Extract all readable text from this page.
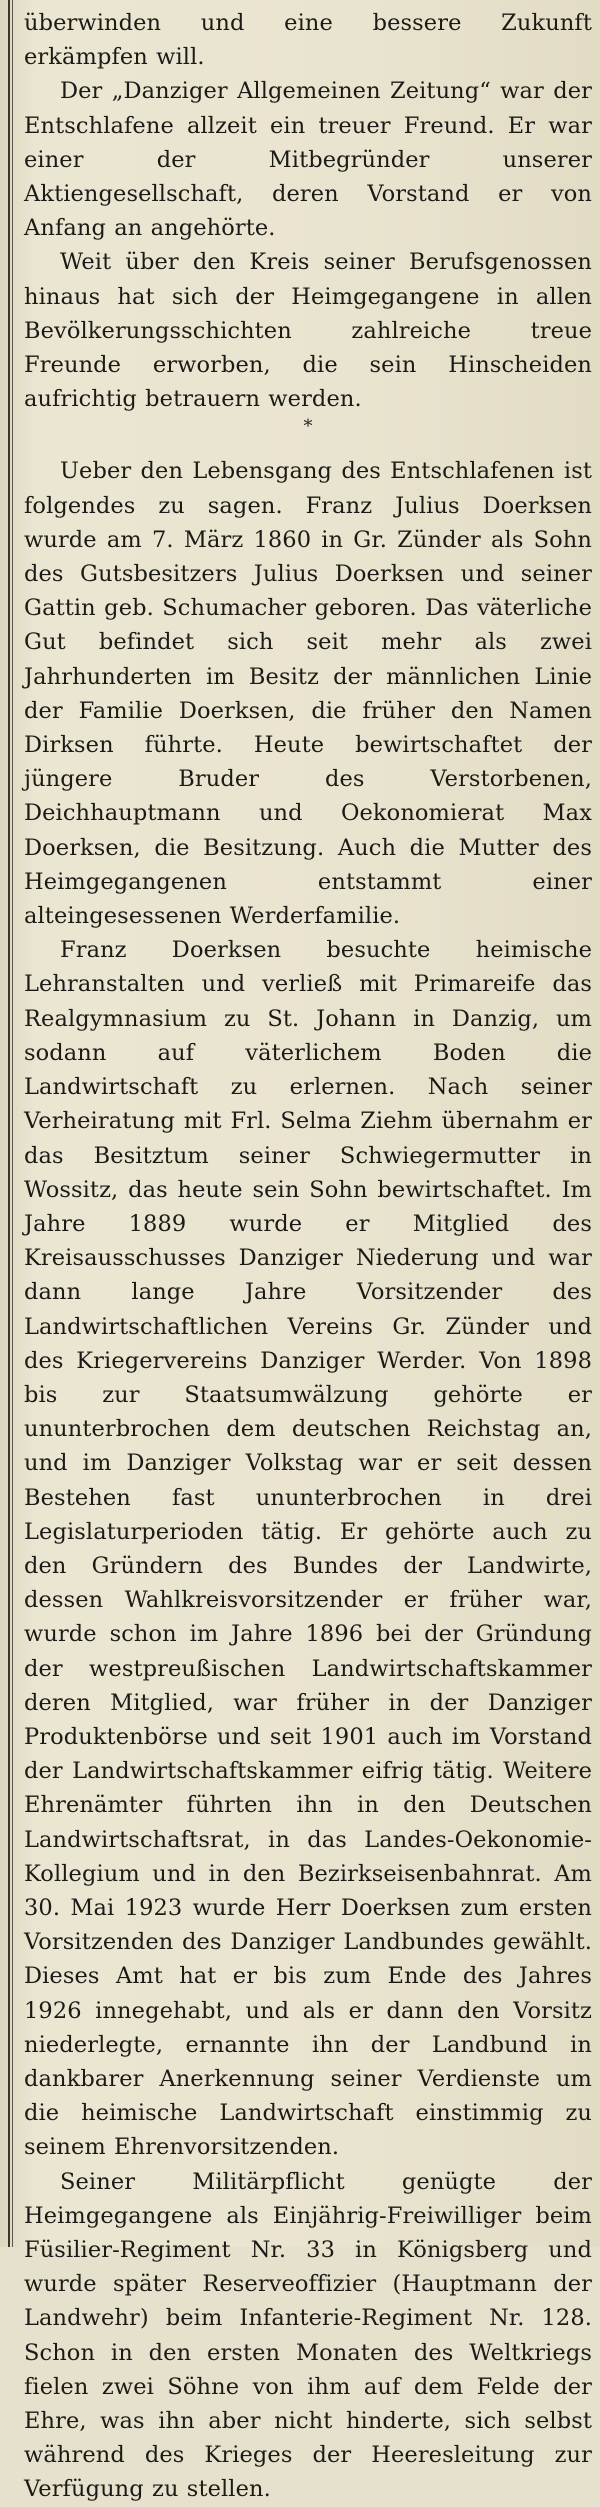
überwinden und eine bessere Zukunft erkämpfen will.

Der „Danziger Allgemeinen Zeitung“ war der Entschlafene allzeit ein treuer Freund. Er war einer der Mitbegründer unserer Aktiengesellschaft, deren Vorstand er von Anfang an angehörte.

Weit über den Kreis seiner Berufsgenossen hinaus hat sich der Heimgegangene in allen Bevölkerungsschichten zahlreiche treue Freunde erworben, die sein Hinscheiden aufrichtig betrauern werden.

*

Ueber den Lebensgang des Entschlafenen ist folgendes zu sagen. Franz Julius Doerksen wurde am 7. März 1860 in Gr. Zünder als Sohn des Gutsbesitzers Julius Doerksen und seiner Gattin geb. Schumacher geboren. Das väterliche Gut befindet sich seit mehr als zwei Jahrhunderten im Besitz der männlichen Linie der Familie Doerksen, die früher den Namen Dirksen führte. Heute bewirtschaftet der jüngere Bruder des Verstorbenen, Deichhauptmann und Oekonomierat Max Doerksen, die Besitzung. Auch die Mutter des Heimgegangenen entstammt einer alteingesessenen Werderfamilie.

Franz Doerksen besuchte heimische Lehranstalten und verließ mit Primareife das Realgymnasium zu St. Johann in Danzig, um sodann auf väterlichem Boden die Landwirtschaft zu erlernen. Nach seiner Verheiratung mit Frl. Selma Ziehm übernahm er das Besitztum seiner Schwiegermutter in Wossitz, das heute sein Sohn bewirtschaftet. Im Jahre 1889 wurde er Mitglied des Kreisausschusses Danziger Niederung und war dann lange Jahre Vorsitzender des Landwirtschaftlichen Vereins Gr. Zünder und des Kriegervereins Danziger Werder. Von 1898 bis zur Staatsumwälzung gehörte er ununterbrochen dem deutschen Reichstag an, und im Danziger Volkstag war er seit dessen Bestehen fast ununterbrochen in drei Legislaturperioden tätig. Er gehörte auch zu den Gründern des Bundes der Landwirte, dessen Wahlkreisvorsitzender er früher war, wurde schon im Jahre 1896 bei der Gründung der westpreußischen Landwirtschaftskammer deren Mitglied, war früher in der Danziger Produktenbörse und seit 1901 auch im Vorstand der Landwirtschaftskammer eifrig tätig. Weitere Ehrenämter führten ihn in den Deutschen Landwirtschaftsrat, in das Landes-Oekonomie-Kollegium und in den Bezirkseisenbahnrat. Am 30. Mai 1923 wurde Herr Doerksen zum ersten Vorsitzenden des Danziger Landbundes gewählt. Dieses Amt hat er bis zum Ende des Jahres 1926 innegehabt, und als er dann den Vorsitz niederlegte, ernannte ihn der Landbund in dankbarer Anerkennung seiner Verdienste um die heimische Landwirtschaft einstimmig zu seinem Ehrenvorsitzenden.

Seiner Militärpflicht genügte der Heimgegangene als Einjährig-Freiwilliger beim Füsilier-Regiment Nr. 33 in Königsberg und wurde später Reserveoffizier (Hauptmann der Landwehr) beim Infanterie-Regiment Nr. 128. Schon in den ersten Monaten des Weltkriegs fielen zwei Söhne von ihm auf dem Felde der Ehre, was ihn aber nicht hinderte, sich selbst während des Krieges der Heeresleitung zur Verfügung zu stellen.
